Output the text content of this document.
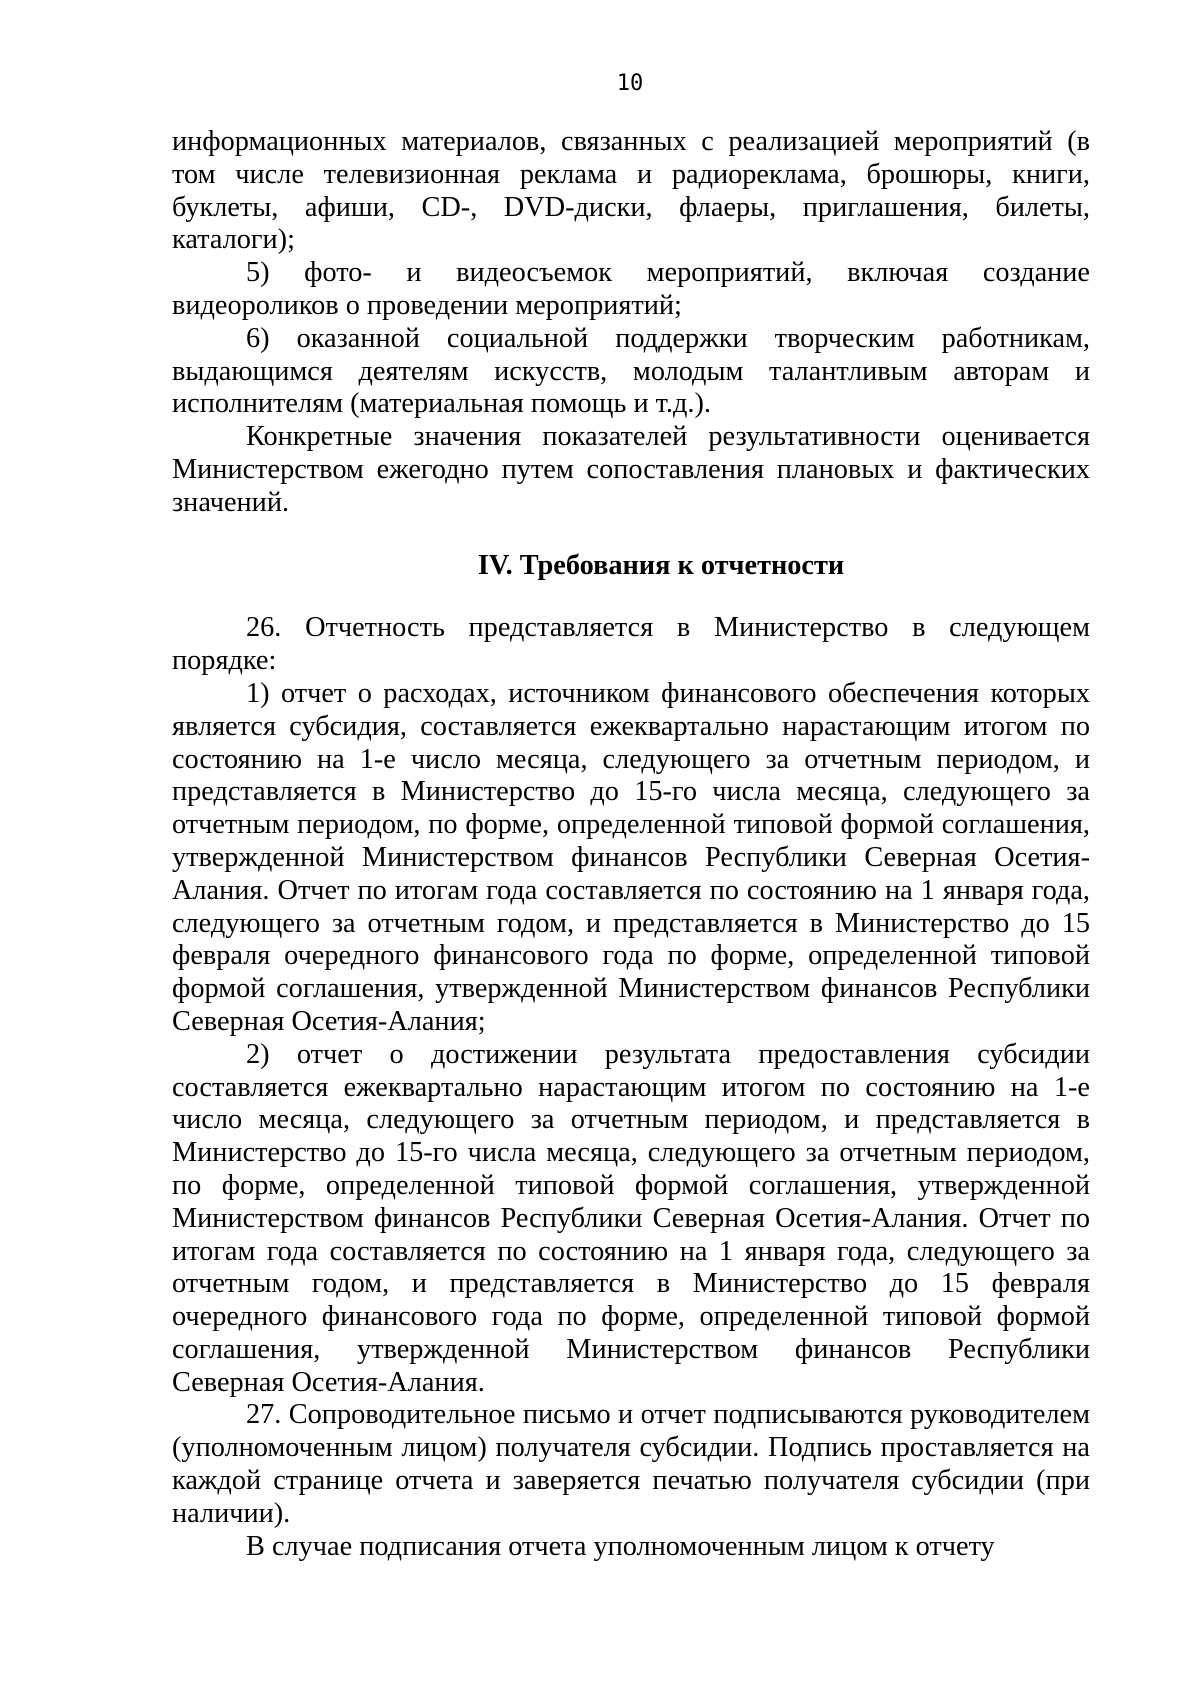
10

информационных материалов, связанных с реализацией мероприятий (в том числе телевизионная реклама и радиореклама, брошюры, книги, буклеты, афиши, CD-, DVD-диски, флаеры, приглашения, билеты, каталоги);

5) фото- и видеосъемок мероприятий, включая создание видеороликов о проведении мероприятий;

6) оказанной социальной поддержки творческим работникам, выдающимся деятелям искусств, молодым талантливым авторам и исполнителям (материальная помощь и т.д.).

Конкретные значения показателей результативности оценивается Министерством ежегодно путем сопоставления плановых и фактических значений.

IV. Требования к отчетности

26. Отчетность представляется в Министерство в следующем порядке:

1) отчет о расходах, источником финансового обеспечения которых является субсидия, составляется ежеквартально нарастающим итогом по состоянию на 1-е число месяца, следующего за отчетным периодом, и представляется в Министерство до 15-го числа месяца, следующего за отчетным периодом, по форме, определенной типовой формой соглашения, утвержденной Министерством финансов Республики Северная Осетия-Алания. Отчет по итогам года составляется по состоянию на 1 января года, следующего за отчетным годом, и представляется в Министерство до 15 февраля очередного финансового года по форме, определенной типовой формой соглашения, утвержденной Министерством финансов Республики Северная Осетия-Алания;

2) отчет о достижении результата предоставления субсидии составляется ежеквартально нарастающим итогом по состоянию на 1-е число месяца, следующего за отчетным периодом, и представляется в Министерство до 15-го числа месяца, следующего за отчетным периодом, по форме, определенной типовой формой соглашения, утвержденной Министерством финансов Республики Северная Осетия-Алания. Отчет по итогам года составляется по состоянию на 1 января года, следующего за отчетным годом, и представляется в Министерство до 15 февраля очередного финансового года по форме, определенной типовой формой соглашения, утвержденной Министерством финансов Республики Северная Осетия-Алания.

27. Сопроводительное письмо и отчет подписываются руководителем (уполномоченным лицом) получателя субсидии. Подпись проставляется на каждой странице отчета и заверяется печатью получателя субсидии (при наличии).

В случае подписания отчета уполномоченным лицом к отчету
